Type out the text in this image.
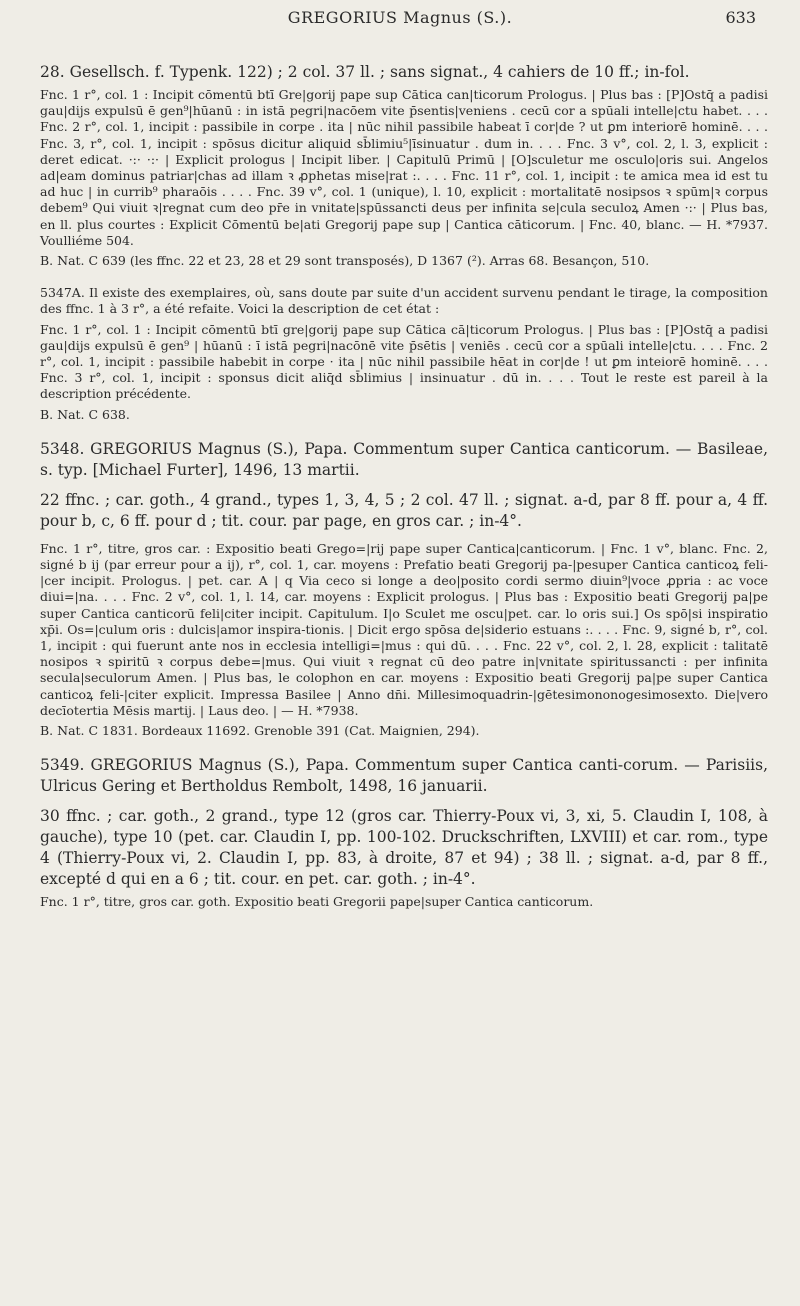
GREGORIUS Magnus (S.).	633

28. Gesellsch. f. Typenk. 122) ; 2 col. 37 ll. ; sans signat., 4 cahiers de 10 ff.; in-fol.

Fnc. 1 r°, col. 1 : Incipit cōmentū btī Gre|gorij pape sup Cātica can|ticorum Prologus. | Plus bas : [P]Ostq̄ a padisi gau|dijs expulsū ē gen⁹|hūanū : in istā pegri|nacōem vite p̄sentis|veniens . cecū cor a spūali intelle|ctu habet. . . . Fnc. 2 r°, col. 1, incipit : passibile in corpe . ita | nūc nihil passibile habeat ī cor|de ? ut ꝑm interiorē hominē. . . . Fnc. 3, r°, col. 1, incipit : spōsus dicitur aliquid sb̄limiu⁵|īsinuatur . dum in. . . . Fnc. 3 v°, col. 2, l. 3, explicit : deret edicat. ·:· ·:· | Explicit prologus | Incipit liber. | Capitulū Primū | [O]sculetur me osculo|oris sui. Angelos ad|eam dominus patriar|chas ad illam ꝛ ꝓphetas mise|rat :. . . . Fnc. 11 r°, col. 1, incipit : te amica mea id est tu ad huc | in currib⁹ pharaōis . . . . Fnc. 39 v°, col. 1 (unique), l. 10, explicit : mortalitatē nosipsos ꝛ spūm|ꝛ corpus debem⁹ Qui viuit ꝛ|regnat cum deo pr̄e in vnitate|spūssancti deus per infinita se|cula seculoꝝ Amen ·:· | Plus bas, en ll. plus courtes : Explicit Cōmentū be|ati Gregorij pape sup | Cantica cāticorum. | Fnc. 40, blanc. — H. *7937. Voulliéme 504.

B. Nat. C 639 (les ffnc. 22 et 23, 28 et 29 sont transposés), D 1367 (²). Arras 68. Besançon, 510.

5347A. Il existe des exemplaires, où, sans doute par suite d'un accident survenu pendant le tirage, la composition des ffnc. 1 à 3 r°, a été refaite. Voici la description de cet état :

Fnc. 1 r°, col. 1 : Incipit cōmentū btī gre|gorij pape sup Cātica cā|ticorum Prologus. | Plus bas : [P]Ostq̄ a padisi gau|dijs expulsū ē gen⁹ | hūanū : ī istā pegri|nacōnē vite p̄sētis | veniēs . cecū cor a spūali intelle|ctu. . . . Fnc. 2 r°, col. 1, incipit : passibile habebit in corpe · ita | nūc nihil passibile hēat in cor|de ! ut ꝑm inteiorē hominē. . . . Fnc. 3 r°, col. 1, incipit : sponsus dicit aliq̄d sb̄limius | insinuatur . dū in. . . . Tout le reste est pareil à la description précédente.

B. Nat. C 638.

5348. GREGORIUS Magnus (S.), Papa. Commentum super Cantica canticorum. — Basileae, s. typ. [Michael Furter], 1496, 13 martii.

22 ffnc. ; car. goth., 4 grand., types 1, 3, 4, 5 ; 2 col. 47 ll. ; signat. a-d, par 8 ff. pour a, 4 ff. pour b, c, 6 ff. pour d ; tit. cour. par page, en gros car. ; in-4°.

Fnc. 1 r°, titre, gros car. : Expositio beati Grego=|rij pape super Cantica|canticorum. | Fnc. 1 v°, blanc. Fnc. 2, signé b ij (par erreur pour a ij), r°, col. 1, car. moyens : Prefatio beati Gregorij pa-|pesuper Cantica canticoꝝ feli-|cer incipit. Prologus. | pet. car. A | q Via ceco si longe a deo|posito cordi sermo diuin⁹|voce ꝓpria : ac voce diui=|na. . . . Fnc. 2 v°, col. 1, l. 14, car. moyens : Explicit prologus. | Plus bas : Expositio beati Gregorij pa|pe super Cantica canticorū feli|citer incipit. Capitulum. I|o Sculet me oscu|pet. car. lo oris sui.] Os spō|si inspiratio xp̄i. Os=|culum oris : dulcis|amor inspira-tionis. | Dicit ergo spōsa de|siderio estuans :. . . . Fnc. 9, signé b, r°, col. 1, incipit : qui fuerunt ante nos in ecclesia intelligi=|mus : qui dū. . . . Fnc. 22 v°, col. 2, l. 28, explicit : talitatē nosipos ꝛ spiritū ꝛ corpus debe=|mus. Qui viuit ꝛ regnat cū deo patre in|vnitate spiritussancti : per infinita secula|seculorum Amen. | Plus bas, le colophon en car. moyens : Expositio beati Gregorij pa|pe super Cantica canticoꝝ feli-|citer explicit. Impressa Basilee | Anno dn̄i. Millesimoquadrin-|gētesimononogesimosexto. Die|vero decīotertia Mēsis martij. | Laus deo. | — H. *7938.

B. Nat. C 1831. Bordeaux 11692. Grenoble 391 (Cat. Maignien, 294).

5349. GREGORIUS Magnus (S.), Papa. Commentum super Cantica canti-corum. — Parisiis, Ulricus Gering et Bertholdus Rembolt, 1498, 16 januarii.

30 ffnc. ; car. goth., 2 grand., type 12 (gros car. Thierry-Poux vi, 3, xi, 5. Claudin I, 108, à gauche), type 10 (pet. car. Claudin I, pp. 100-102. Druckschriften, LXVIII) et car. rom., type 4 (Thierry-Poux vi, 2. Claudin I, pp. 83, à droite, 87 et 94) ; 38 ll. ; signat. a-d, par 8 ff., excepté d qui en a 6 ; tit. cour. en pet. car. goth. ; in-4°.

Fnc. 1 r°, titre, gros car. goth. Expositio beati Gregorii pape|super Cantica canticorum.
